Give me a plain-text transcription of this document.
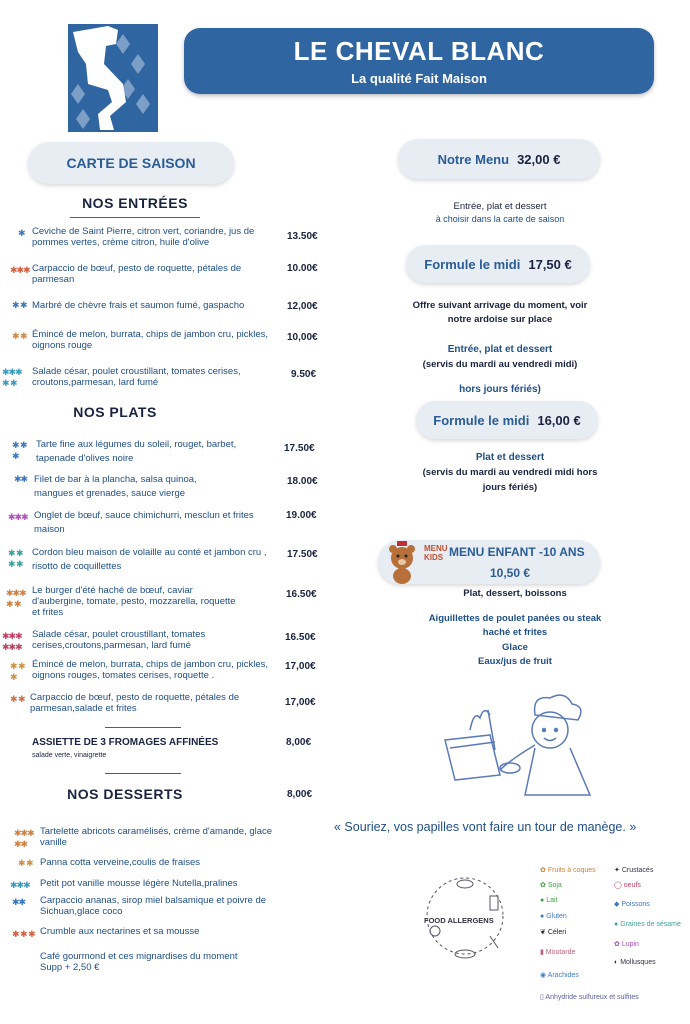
LE CHEVAL BLANC
La qualité Fait Maison
CARTE DE SAISON
NOS ENTRÉES
✱ Ceviche de Saint Pierre, citron vert, coriandre, jus de pommes vertes, crème citron, huile d'olive
13.50€
✱✱✱ Carpaccio de bœuf, pesto de roquette, pétales de parmesan
10.00€
✱ ✱ Marbré de chèvre frais et saumon fumé, gaspacho	12,00€
✱ ✱ Émincé de melon, burrata, chips de jambon cru, pickles, oignons rouge
10,00€
✱✱✱
✱ ✱
Salade césar, poulet croustillant, tomates cerises, croutons,parmesan, lard fumé
9.50€
NOS PLATS
✱ ✱
✱
Tarte fine aux légumes du soleil, rouget, barbet, tapenade d'olives noire
17.50€
✱✱ Filet de bar à la plancha, salsa quinoa, mangues et grenades, sauce vierge
18.00€
✱✱✱ Onglet de bœuf, sauce chimichurri, mesclun et frites maison
19.00€
✱ ✱
✱ ✱
Cordon bleu maison de volaille au conté et jambon cru , risotto de coquillettes
17.50€
✱✱✱
✱ ✱
Le burger d'été haché de bœuf, caviar d'aubergine, tomate, pesto, mozzarella, roquette et frites
16.50€
✱✱✱
✱✱✱
Salade césar, poulet croustillant, tomates cerises,croutons,parmesan, lard fumé
16.50€
✱ ✱
✱
Émincé de melon, burrata, chips de jambon cru, pickles, oignons rouges, tomates cerises, roquette .
17,00€
✱ ✱ Carpaccio de bœuf, pesto de roquette, pétales de parmesan,salade et frites
17,00€
ASSIETTE DE 3 FROMAGES AFFINÉES
salade verte, vinaigrette
8,00€
NOS DESSERTS	8,00€
✱✱✱
✱✱
Tartelette abricots caramélisés, crème d'amande, glace vanille
✱ ✱ Panna cotta verveine,coulis de fraises
✱✱✱ Petit pot vanille mousse légère Nutella,pralines
✱✱ Carpaccio ananas, sirop miel balsamique et poivre de Sichuan,glace coco
✱ ✱ ✱ Crumble aux nectarines et sa mousse
Café gourmond et ces mignardises du moment Supp + 2,50 €
Notre Menu 32,00 €
Entrée, plat et dessert
à choisir dans la carte de saison
Formule le midi 17,50 €
Offre suivant arrivage du moment, voir
notre ardoise sur place
Entrée, plat et dessert
(servis du mardi au vendredi midi)
hors jours fériés)
Formule le midi 16,00 €
Plat et dessert
(servis du mardi au vendredi midi hors
jours fériés)
MENU
KIDS MENU ENFANT -10 ANS
10,50 €
Plat, dessert, boissons
Aiguillettes de poulet panées ou steak
haché et frites
Glace
Eaux/jus de fruit
« Souriez, vos papilles vont faire un tour de manège. »
FOOD ALLERGENS
✿ Fruits à coques
✿ Soja
● Lait
● Gluten
❦ Céleri
▮ Moutarde
◉ Arachides
✦ Crustacés
◯ oeufs
◆ Poissons
● Graines de sésame
✿ Lupin
◐ Mollusques
▯ Anhydride sulfureux et sulfites
